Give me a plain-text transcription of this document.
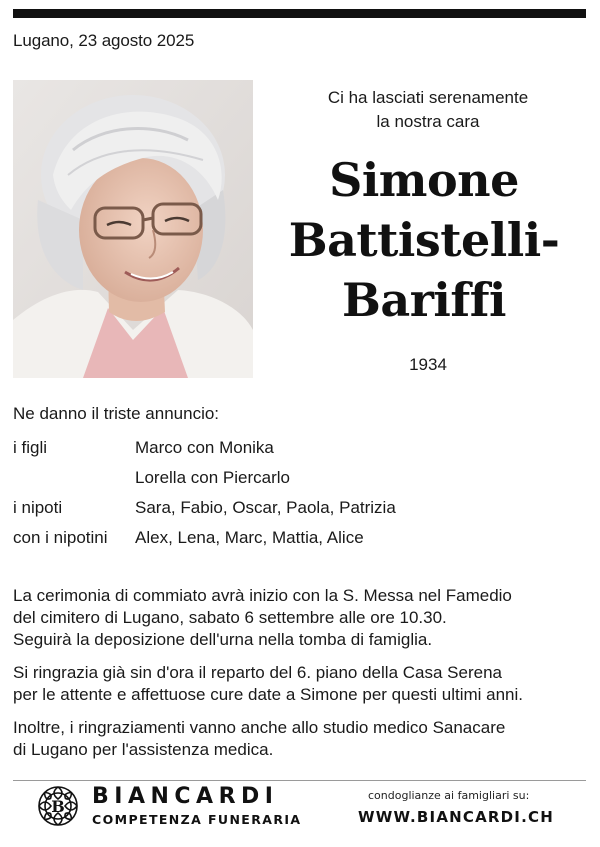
Lugano, 23 agosto 2025
Ci ha lasciati serenamente
la nostra cara
Simone
Battistelli-
Bariffi
1934
Ne danno il triste annuncio:
i figli	Marco con Monika
Lorella con Piercarlo
i nipoti	Sara, Fabio, Oscar, Paola, Patrizia
con i nipotini	Alex, Lena, Marc, Mattia, Alice
La cerimonia di commiato avrà inizio con la S. Messa nel Famedio
del cimitero di Lugano, sabato 6 settembre alle ore 10.30.
Seguirà la deposizione dell'urna nella tomba di famiglia.
Si ringrazia già sin d'ora il reparto del 6. piano della Casa Serena
per le attente e affettuose cure date a Simone per questi ultimi anni.
Inoltre, i ringraziamenti vanno anche allo studio medico Sanacare
di Lugano per l'assistenza medica.
B BIANCARDI
COMPETENZA FUNERARIA
condoglianze ai famigliari su:
WWW.BIANCARDI.CH
